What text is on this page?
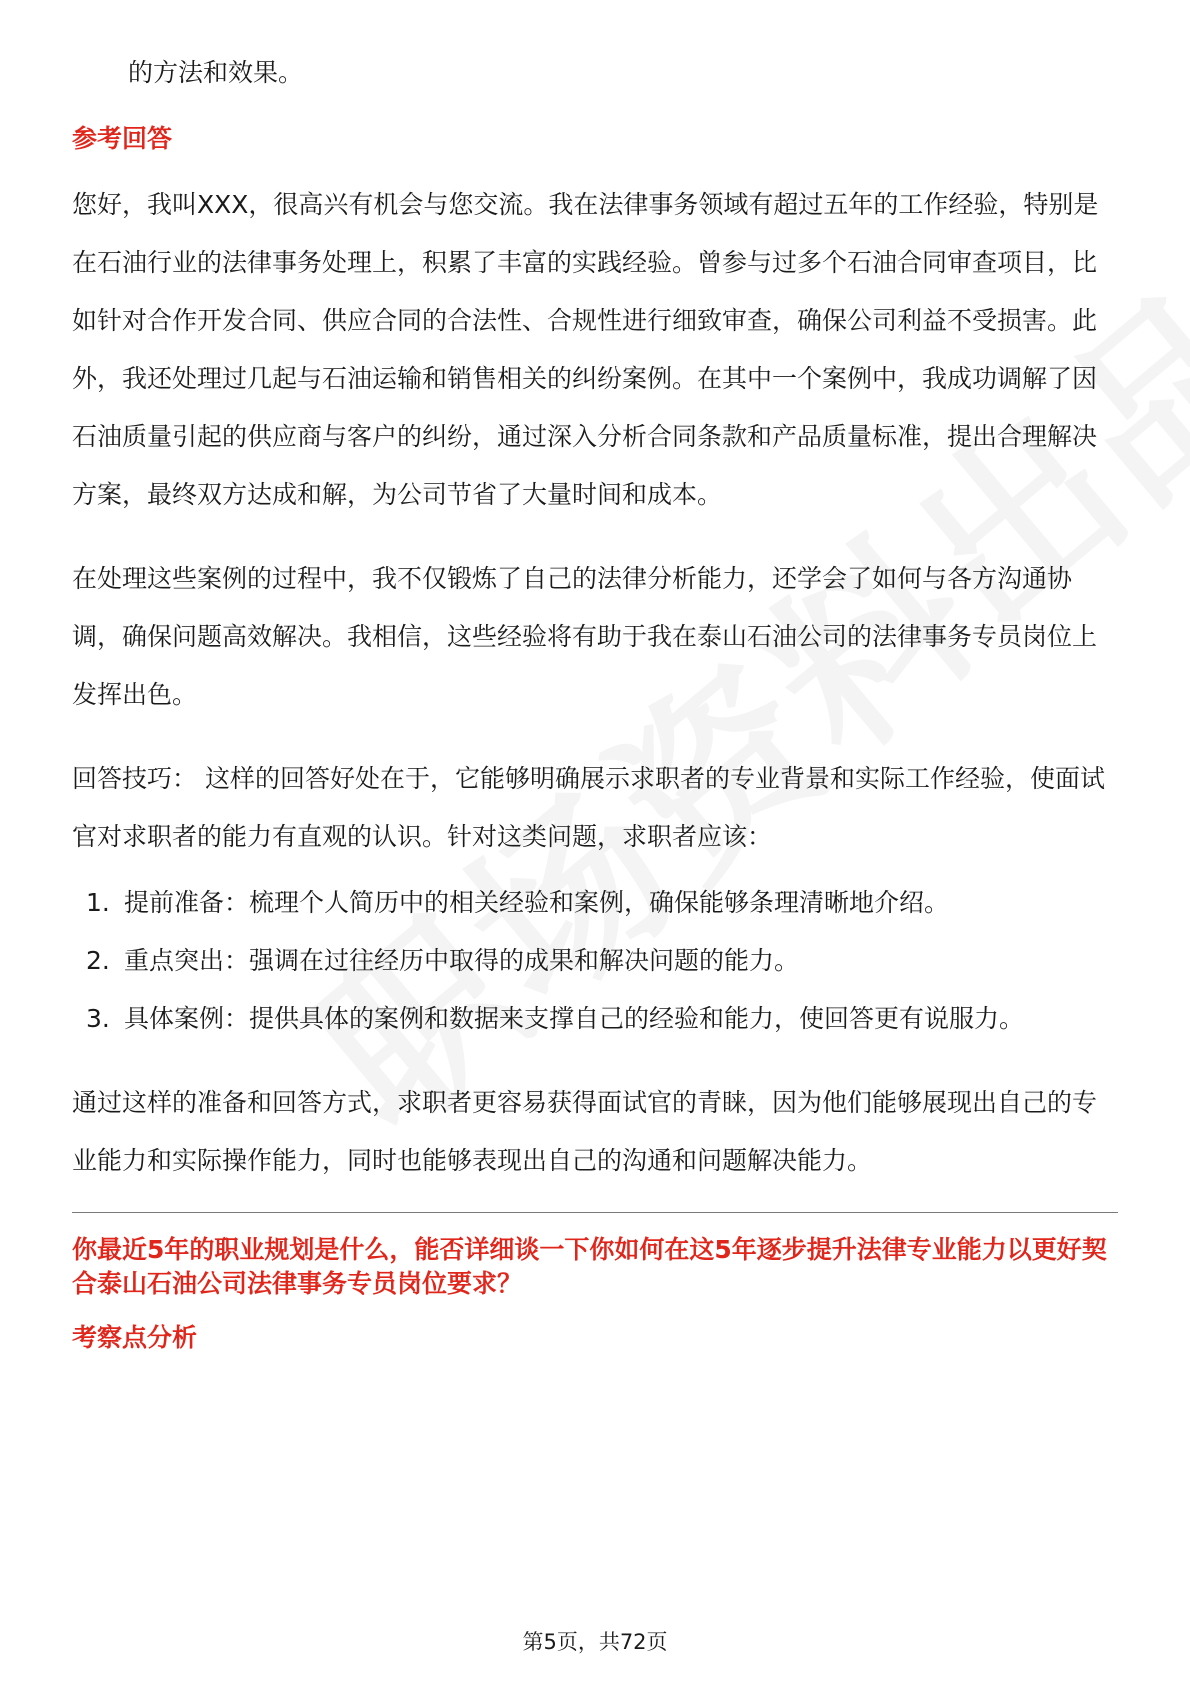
的方法和效果。

参考回答

您好，我叫XXX，很高兴有机会与您交流。我在法律事务领域有超过五年的工作经验，特别是在石油行业的法律事务处理上，积累了丰富的实践经验。曾参与过多个石油合同审查项目，比如针对合作开发合同、供应合同的合法性、合规性进行细致审查，确保公司利益不受损害。此外，我还处理过几起与石油运输和销售相关的纠纷案例。在其中一个案例中，我成功调解了因石油质量引起的供应商与客户的纠纷，通过深入分析合同条款和产品质量标准，提出合理解决方案，最终双方达成和解，为公司节省了大量时间和成本。

在处理这些案例的过程中，我不仅锻炼了自己的法律分析能力，还学会了如何与各方沟通协调，确保问题高效解决。我相信，这些经验将有助于我在泰山石油公司的法律事务专员岗位上发挥出色。

回答技巧： 这样的回答好处在于，它能够明确展示求职者的专业背景和实际工作经验，使面试官对求职者的能力有直观的认识。针对这类问题，求职者应该：

1. 提前准备：梳理个人简历中的相关经验和案例，确保能够条理清晰地介绍。
2. 重点突出：强调在过往经历中取得的成果和解决问题的能力。
3. 具体案例：提供具体的案例和数据来支撑自己的经验和能力，使回答更有说服力。

通过这样的准备和回答方式，求职者更容易获得面试官的青睐，因为他们能够展现出自己的专业能力和实际操作能力，同时也能够表现出自己的沟通和问题解决能力。

你最近5年的职业规划是什么，能否详细谈一下你如何在这5年逐步提升法律专业能力以更好契合泰山石油公司法律事务专员岗位要求？

考察点分析

第5页，共72页
